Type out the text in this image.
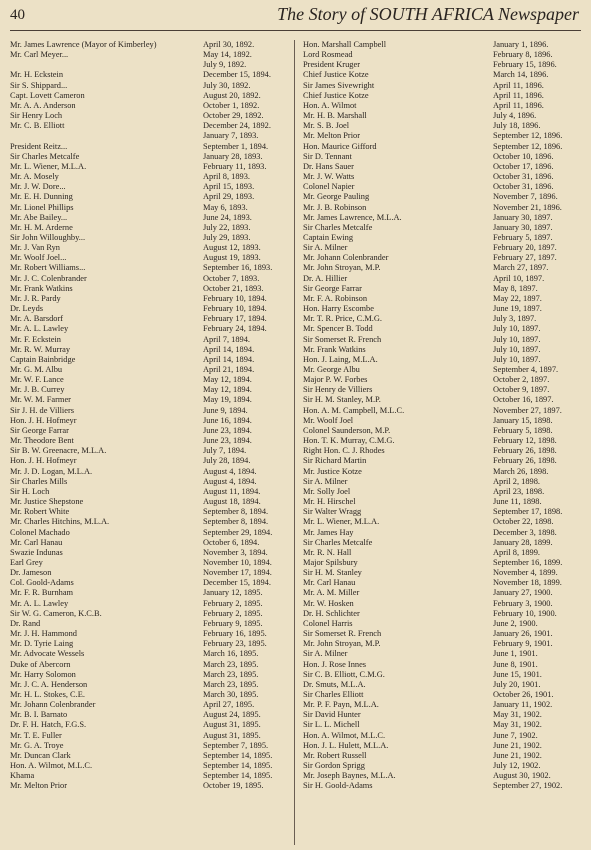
40	The Story of SOUTH AFRICA Newspaper
Mr. James Lawrence (Mayor of Kimberley)	April 30, 1892.
Mr. Carl Meyer...	May 14, 1892.
July 9, 1892.
Mr. H. Eckstein	December 15, 1894.
Sir S. Shippard...	July 30, 1892.
Capt. Lovett Cameron	August 20, 1892.
Mr. A. A. Anderson	October 1, 1892.
Sir Henry Loch	October 29, 1892.
Mr. C. B. Elliott	December 24, 1892.
January 7, 1893.
President Reitz...	September 1, 1894.
Sir Charles Metcalfe	January 28, 1893.
Mr. L. Wiener, M.L.A.	February 11, 1893.
Mr. A. Mosely	April 8, 1893.
Mr. J. W. Dore...	April 15, 1893.
Mr. E. H. Dunning	April 29, 1893.
Mr. Lionel Phillips	May 6, 1893.
Mr. Abe Bailey...	June 24, 1893.
Mr. H. M. Arderne	July 22, 1893.
Sir John Willoughby...	July 29, 1893.
Mr. J. Van Ryn	August 12, 1893.
Mr. Woolf Joel...	August 19, 1893.
Mr. Robert Williams...	September 16, 1893.
Mr. J. C. Colenbrander	October 7, 1893.
Mr. Frank Watkins	October 21, 1893.
Mr. J. R. Pardy	February 10, 1894.
Dr. Leyds	February 10, 1894.
Mr. A. Barsdorf	February 17, 1894.
Mr. A. L. Lawley	February 24, 1894.
Mr. F. Eckstein	April 7, 1894.
Mr. R. W. Murray	April 14, 1894.
Captain Bainbridge	April 14, 1894.
Mr. G. M. Albu	April 21, 1894.
Mr. W. F. Lance	May 12, 1894.
Mr. J. B. Currey	May 12, 1894.
Mr. W. M. Farmer	May 19, 1894.
Sir J. H. de Villiers	June 9, 1894.
Hon. J. H. Hofmeyr	June 16, 1894.
Sir George Farrar	June 23, 1894.
Mr. Theodore Bent	June 23, 1894.
Sir B. W. Greenacre, M.L.A.	July 7, 1894.
Hon. J. H. Hofmeyr	July 28, 1894.
Mr. J. D. Logan, M.L.A.	August 4, 1894.
Sir Charles Mills	August 4, 1894.
Sir H. Loch	August 11, 1894.
Mr. Justice Shepstone	August 18, 1894.
Mr. Robert White	September 8, 1894.
Mr. Charles Hitchins, M.L.A.	September 8, 1894.
Colonel Machado	September 29, 1894.
Mr. Carl Hanau	October 6, 1894.
Swazie Indunas	November 3, 1894.
Earl Grey	November 10, 1894.
Dr. Jameson	November 17, 1894.
Col. Goold-Adams	December 15, 1894.
Mr. F. R. Burnham	January 12, 1895.
Mr. A. L. Lawley	February 2, 1895.
Sir W. G. Cameron, K.C.B.	February 2, 1895.
Dr. Rand	February 9, 1895.
Mr. J. H. Hammond	February 16, 1895.
Mr. D. Tyrie Laing	February 23, 1895.
Mr. Advocate Wessels	March 16, 1895.
Duke of Abercorn	March 23, 1895.
Mr. Harry Solomon	March 23, 1895.
Mr. J. C. A. Henderson	March 23, 1895.
Mr. H. L. Stokes, C.E.	March 30, 1895.
Mr. Johann Colenbrander	April 27, 1895.
Mr. B. I. Barnato	August 24, 1895.
Dr. F. H. Hatch, F.G.S.	August 31, 1895.
Mr. T. E. Fuller	August 31, 1895.
Mr. G. A. Troye	September 7, 1895.
Mr. Duncan Clark	September 14, 1895.
Hon. A. Wilmot, M.L.C.	September 14, 1895.
Khama	September 14, 1895.
Mr. Melton Prior	October 19, 1895.
Hon. Marshall Campbell	January 1, 1896.
Lord Rosmead	February 8, 1896.
President Kruger	February 15, 1896.
Chief Justice Kotze	March 14, 1896.
Sir James Sivewright	April 11, 1896.
Chief Justice Kotze	April 11, 1896.
Hon. A. Wilmot	April 11, 1896.
Mr. H. B. Marshall	July 4, 1896.
Mr. S. B. Joel	July 18, 1896.
Mr. Melton Prior	September 12, 1896.
Hon. Maurice Gifford	September 12, 1896.
Sir D. Tennant	October 10, 1896.
Dr. Hans Sauer	October 17, 1896.
Mr. J. W. Watts	October 31, 1896.
Colonel Napier	October 31, 1896.
Mr. George Pauling	November 7, 1896.
Mr. J. B. Robinson	November 21, 1896.
Mr. James Lawrence, M.L.A.	January 30, 1897.
Sir Charles Metcalfe	January 30, 1897.
Captain Ewing	February 5, 1897.
Sir A. Milner	February 20, 1897.
Mr. Johann Colenbrander	February 27, 1897.
Mr. John Stroyan, M.P.	March 27, 1897.
Dr. A. Hillier	April 10, 1897.
Sir George Farrar	May 8, 1897.
Mr. F. A. Robinson	May 22, 1897.
Hon. Harry Escombe	June 19, 1897.
Mr. T. R. Price, C.M.G.	July 3, 1897.
Mr. Spencer B. Todd	July 10, 1897.
Sir Somerset R. French	July 10, 1897.
Mr. Frank Watkins	July 10, 1897.
Hon. J. Laing, M.L.A.	July 10, 1897.
Mr. George Albu	September 4, 1897.
Major P. W. Forbes	October 2, 1897.
Sir Henry de Villiers	October 9, 1897.
Sir H. M. Stanley, M.P.	October 16, 1897.
Hon. A. M. Campbell, M.L.C.	November 27, 1897.
Mr. Woolf Joel	January 15, 1898.
Colonel Saunderson, M.P.	February 5, 1898.
Hon. T. K. Murray, C.M.G.	February 12, 1898.
Right Hon. C. J. Rhodes	February 26, 1898.
Sir Richard Martin	February 26, 1898.
Mr. Justice Kotze	March 26, 1898.
Sir A. Milner	April 2, 1898.
Mr. Solly Joel	April 23, 1898.
Mr. H. Hirschel	June 11, 1898.
Sir Walter Wragg	September 17, 1898.
Mr. L. Wiener, M.L.A.	October 22, 1898.
Mr. James Hay	December 3, 1898.
Sir Charles Metcalfe	January 28, 1899.
Mr. R. N. Hall	April 8, 1899.
Major Spilsbury	September 16, 1899.
Sir H. M. Stanley	November 4, 1899.
Mr. Carl Hanau	November 18, 1899.
Mr. A. M. Miller	January 27, 1900.
Mr. W. Hosken	February 3, 1900.
Dr. H. Schlichter	February 10, 1900.
Colonel Harris	June 2, 1900.
Sir Somerset R. French	January 26, 1901.
Mr. John Stroyan, M.P.	February 9, 1901.
Sir A. Milner	June 1, 1901.
Hon. J. Rose Innes	June 8, 1901.
Sir C. B. Elliott, C.M.G.	June 15, 1901.
Dr. Smuts, M.L.A.	July 20, 1901.
Sir Charles Elliott	October 26, 1901.
Mr. P. F. Payn, M.L.A.	January 11, 1902.
Sir David Hunter	May 31, 1902.
Sir L. L. Michell	May 31, 1902.
Hon. A. Wilmot, M.L.C.	June 7, 1902.
Hon. J. L. Hulett, M.L.A.	June 21, 1902.
Mr. Robert Russell	June 21, 1902.
Sir Gordon Sprigg	July 12, 1902.
Mr. Joseph Baynes, M.L.A.	August 30, 1902.
Sir H. Goold-Adams	September 27, 1902.
